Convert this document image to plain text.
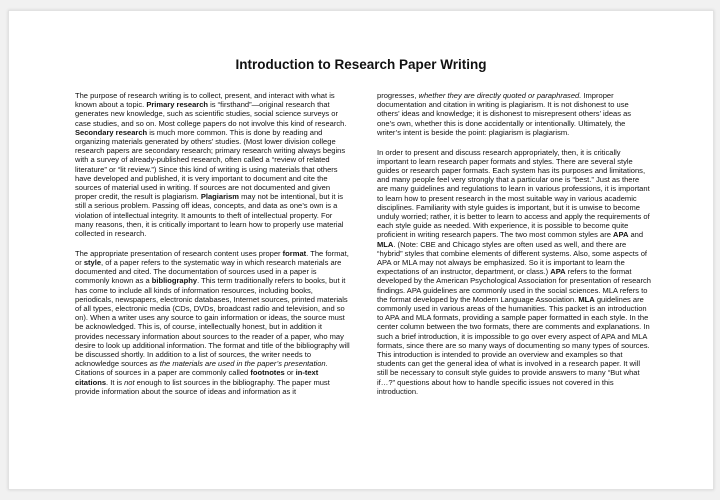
Introduction to Research Paper Writing

The purpose of research writing is to collect, present, and interact with what is known about a topic. Primary research is “firsthand”—original research that generates new knowledge, such as scientific studies, social science surveys or case studies, and so on. Most college papers do not involve this kind of research. Secondary research is much more common. This is done by reading and organizing materials generated by others’ studies. (Most lower division college research papers are secondary research; primary research writing always begins with a survey of already-published research, often called a “review of related literature” or “lit review.”) Since this kind of writing is using materials that others have developed and published, it is very important to document and cite the sources of material used in writing. If sources are not documented and given proper credit, the result is plagiarism. Plagiarism may not be intentional, but it is still a serious problem. Passing off ideas, concepts, and data as one’s own is a violation of intellectual integrity. It amounts to theft of intellectual property. For many reasons, then, it is critically important to learn how to properly use material collected in research.

The appropriate presentation of research content uses proper format. The format, or style, of a paper refers to the systematic way in which research materials are documented and cited. The documentation of sources used in a paper is commonly known as a bibliography. This term traditionally refers to books, but it has come to include all kinds of information resources, including books, periodicals, newspapers, electronic databases, Internet sources, printed materials of all types, electronic media (CDs, DVDs, broadcast radio and television, and so on). When a writer uses any source to gain information or ideas, the source must be acknowledged. This is, of course, intellectually honest, but in addition it provides necessary information about sources to the reader of a paper, who may desire to look up additional information. The format and title of the bibliography will be discussed shortly. In addition to a list of sources, the writer needs to acknowledge sources as the materials are used in the paper’s presentation. Citations of sources in a paper are commonly called footnotes or in-text citations. It is not enough to list sources in the bibliography. The paper must provide information about the source of ideas and information as it

progresses, whether they are directly quoted or paraphrased. Improper documentation and citation in writing is plagiarism. It is not dishonest to use others’ ideas and knowledge; it is dishonest to misrepresent others’ ideas as one’s own, whether this is done accidentally or intentionally. Ultimately, the writer’s intent is beside the point: plagiarism is plagiarism.

In order to present and discuss research appropriately, then, it is critically important to learn research paper formats and styles. There are several style guides or research paper formats. Each system has its purposes and limitations, and many people feel very strongly that a particular one is “best.” Just as there are many guidelines and regulations to learn in various professions, it is important to learn how to present research in the most suitable way in various academic disciplines. Familiarity with style guides is important, but it is unwise to become unduly worried; rather, it is better to learn to access and apply the requirements of each style guide as needed. With experience, it is possible to become quite proficient in writing research papers. The two most common styles are APA and MLA. (Note: CBE and Chicago styles are often used as well, and there are “hybrid” styles that combine elements of different systems. Also, some aspects of APA or MLA may not always be emphasized. So it is important to learn the expectations of an instructor, department, or class.) APA refers to the format developed by the American Psychological Association for presentation of research findings. APA guidelines are commonly used in the social sciences. MLA refers to the format developed by the Modern Language Association. MLA guidelines are commonly used in various areas of the humanities. This packet is an introduction to APA and MLA formats, providing a sample paper formatted in each style. In the center column between the two formats, there are comments and explanations. In such a brief introduction, it is impossible to go over every aspect of APA and MLA formats, since there are so many ways of documenting so many types of sources. This introduction is intended to provide an overview and examples so that students can get the general idea of what is involved in a research paper. It will still be necessary to consult style guides to provide answers to many “But what if…?” questions about how to handle specific issues not covered in this introduction.
